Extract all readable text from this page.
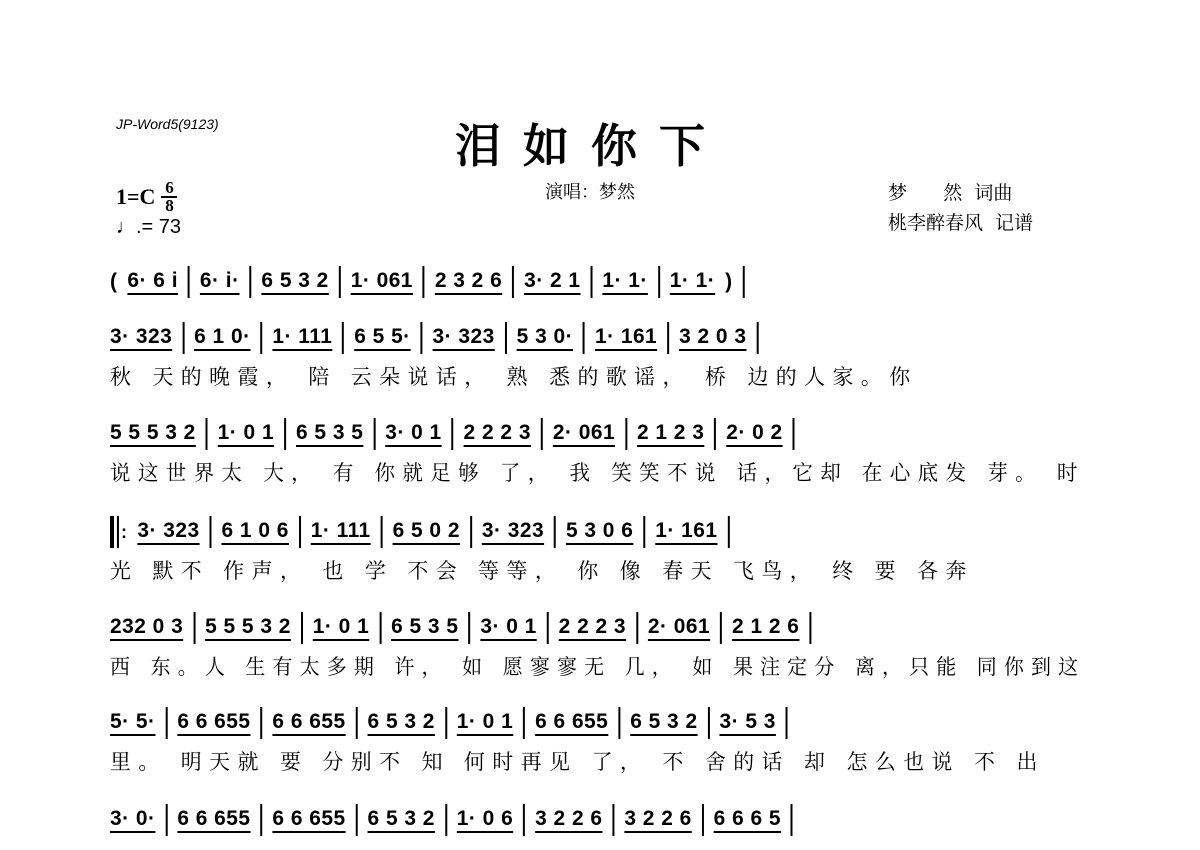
JP-Word5(9123)	泪如你下
1=C 6
8
♩.= 73
演唱：梦然	梦      然  词曲
桃李醉春风  记谱
( 6· 6 i 6· i· 6 5 3 2 1· 061 2 3 2 6 3· 2 1 1· 1· 1· 1· )
3· 323 6 1 0· 1· 111 6 5 5· 3· 323 5 3 0· 1· 161 3 2 0 3
秋 天的晚霞， 陪 云朵说话， 熟 悉的歌谣， 桥 边的人家。你
5 5 5 3 2 1· 0 1 6 5 3 5 3· 0 1 2 2 2 3 2· 061 2 1 2 3 2· 0 2
说这世界太 大， 有 你就足够 了， 我 笑笑不说 话，它却 在心底发 芽。 时
: 3· 323 6 1 0 6 1· 111 6 5 0 2 3· 323 5 3 0 6 1· 161
光 默不 作声， 也 学 不会 等等， 你 像 春天 飞鸟， 终 要 各奔
232 0 3 5 5 5 3 2 1· 0 1 6 5 3 5 3· 0 1 2 2 2 3 2· 061 2 1 2 6
西 东。人 生有太多期 许， 如 愿寥寥无 几， 如 果注定分 离，只能 同你到这
5· 5· 6 6 655 6 6 655 6 5 3 2 1· 0 1 6 6 655 6 5 3 2 3· 5 3
里。 明天就 要 分别不 知 何时再见 了， 不 舍的话 却 怎么也说 不 出
3· 0· 6 6 655 6 6 655 6 5 3 2 1· 0 6 3 2 2 6 3 2 2 6 6 6 6 5
